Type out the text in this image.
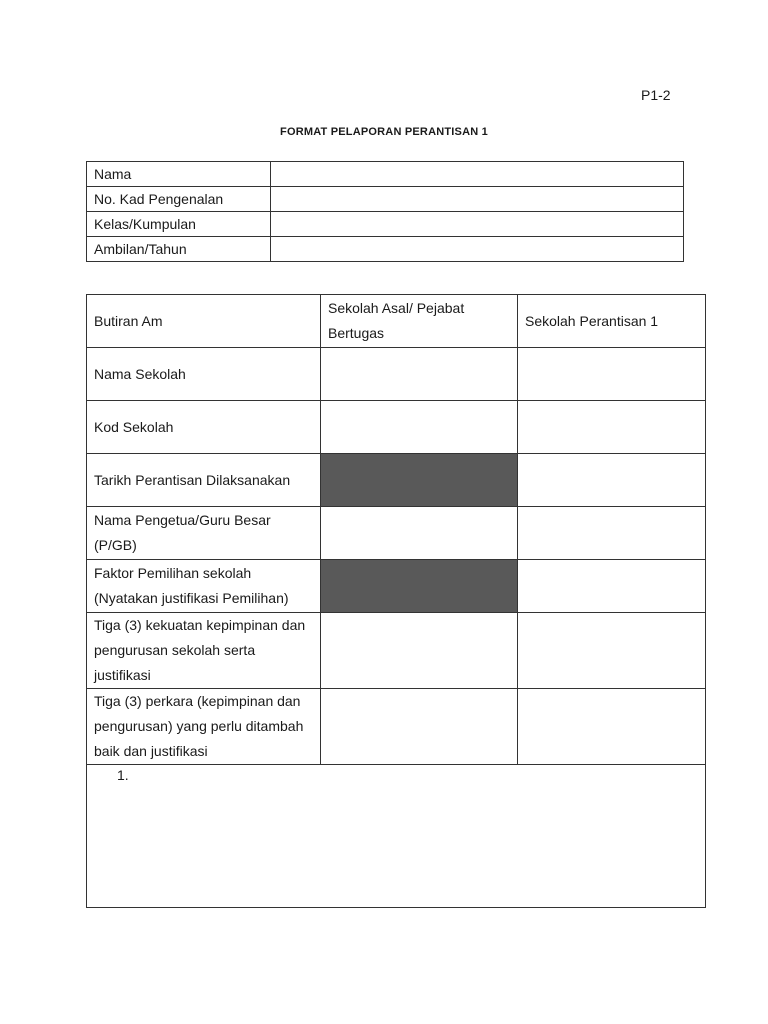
P1-2
FORMAT PELAPORAN PERANTISAN 1
Nama	
No. Kad Pengenalan	
Kelas/Kumpulan	
Ambilan/Tahun	
Butiran Am	Sekolah Asal/ Pejabat Bertugas	Sekolah Perantisan 1
Nama Sekolah		
Kod Sekolah		
Tarikh Perantisan Dilaksanakan		
Nama Pengetua/Guru Besar (P/GB)		
Faktor Pemilihan sekolah (Nyatakan justifikasi Pemilihan)		
Tiga (3) kekuatan kepimpinan dan pengurusan sekolah serta justifikasi		
Tiga (3) perkara (kepimpinan dan pengurusan) yang perlu ditambah baik dan justifikasi		

1.		
